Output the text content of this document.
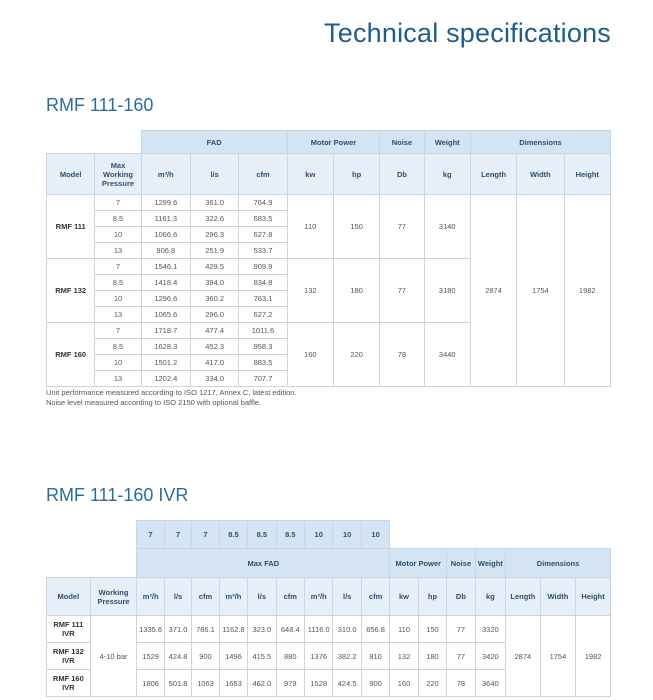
Technical specifications
RMF 111-160
		FAD			Motor Power		Noise	Weight	Dimensions		
Model	Max Working Pressure	m³/h	l/s	cfm	kw	hp	Db	kg	Length	Width	Height
RMF 111	7	1299.6	361.0	764.9	110	150	77	3140	2874	1754	1982
	8.5	1161.3	322.6	683.5							
	10	1066.6	296.3	627.8							
	13	906.8	251.9	533.7							
RMF 132	7	1546.1	429.5	909.9	132	180	77	3180			
	8.5	1418.4	394.0	834.8							
	10	1296.6	360.2	763.1							
	13	1065.6	296.0	627.2							
RMF 160	7	1718.7	477.4	1011.6	160	220	78	3440			
	8.5	1628.3	452.3	958.3							
	10	1501.2	417.0	883.5							
	13	1202.4	334.0	707.7							
Unit performance measured according to ISO 1217, Annex C, latest edition.
Noise level measured according to ISO 2150 with optional baffle.
RMF 111-160 IVR
		7	7	7	8.5	8.5	8.5	10	10	10							
		Max FAD									Motor Power		Noise	Weight	Dimensions		
Model	Working Pressure	m³/h	l/s	cfm	m³/h	l/s	cfm	m³/h	l/s	cfm	kw	hp	Db	kg	Length	Width	Height
RMF 111 IVR	4-10 bar	1335.6	371.0	786.1	1162.8	323.0	648.4	1116.0	310.0	656.8	110	150	77	3320	2874	1754	1982
RMF 132 IVR		1529	424.8	900	1496	415.5	880	1376	382.2	810	132	180	77	3420			
RMF 160 IVR		1806	501.8	1063	1663	462.0	979	1528	424.5	900	160	220	78	3640			
